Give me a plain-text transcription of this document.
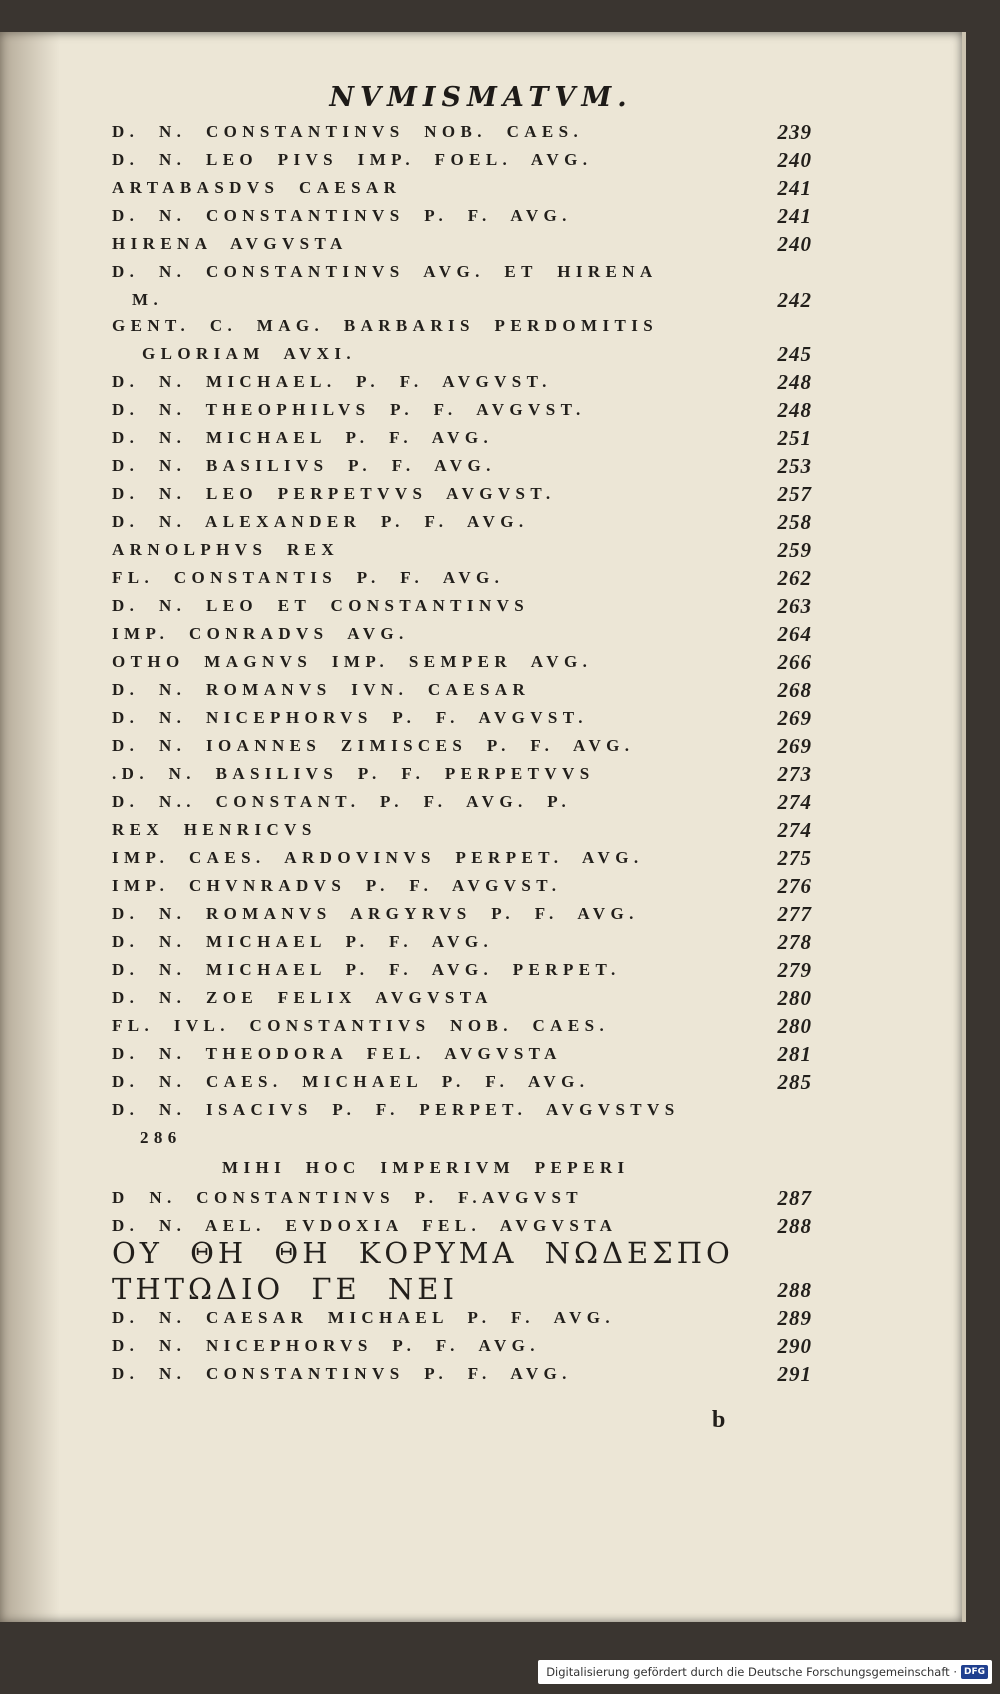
NVMISMATVM.
D. N. CONSTANTINVS NOB. CAES.	239
D. N. LEO PIVS IMP. FOEL. AVG.	240
ARTABASDVS CAESAR	241
D. N. CONSTANTINVS P. F. AVG.	241
HIRENA AVGVSTA	240
D. N. CONSTANTINVS AVG. ET HIRENA
M.	242
GENT. C. MAG. BARBARIS PERDOMITIS
GLORIAM AVXI.	245
D. N. MICHAEL. P. F. AVGVST.	248
D. N. THEOPHILVS P. F. AVGVST.	248
D. N. MICHAEL P. F. AVG.	251
D. N. BASILIVS P. F. AVG.	253
D. N. LEO PERPETVVS AVGVST.	257
D. N. ALEXANDER P. F. AVG.	258
ARNOLPHVS REX	259
FL. CONSTANTIS P. F. AVG.	262
D. N. LEO ET CONSTANTINVS	263
IMP. CONRADVS AVG.	264
OTHO MAGNVS IMP. SEMPER AVG.	266
D. N. ROMANVS IVN. CAESAR	268
D. N. NICEPHORVS P. F. AVGVST.	269
D. N. IOANNES ZIMISCES P. F. AVG.	269
.D. N. BASILIVS P. F. PERPETVVS	273
D. N.. CONSTANT. P. F. AVG. P.	274
REX HENRICVS	274
IMP. CAES. ARDOVINVS PERPET. AVG.	275
IMP. CHVNRADVS P. F. AVGVST.	276
D. N. ROMANVS ARGYRVS P. F. AVG.	277
D. N. MICHAEL P. F. AVG.	278
D. N. MICHAEL P. F. AVG. PERPET.	279
D. N. ZOE FELIX AVGVSTA	280
FL. IVL. CONSTANTIVS NOB. CAES.	280
D. N. THEODORA FEL. AVGVSTA	281
D. N. CAES. MICHAEL P. F. AVG.	285
D. N. ISACIVS P. F. PERPET. AVGVSTVS
286
MIHI HOC IMPERIVM PEPERI
D N. CONSTANTINVS P. F.AVGVST	287
D. N. AEL. EVDOXIA FEL. AVGVSTA	288
ΟΥ ΘΗ ΘΗ ΚΟΡΥΜΑ ΝΩΔΕΣΠΟ
ΤΗΤΩΔΙΟ ΓΕ ΝΕΙ	288
D. N. CAESAR MICHAEL P. F. AVG.	289
D. N. NICEPHORVS P. F. AVG.	290
D. N. CONSTANTINVS P. F. AVG.	291
b
Digitalisierung gefördert durch die Deutsche Forschungsgemeinschaft · DFG
